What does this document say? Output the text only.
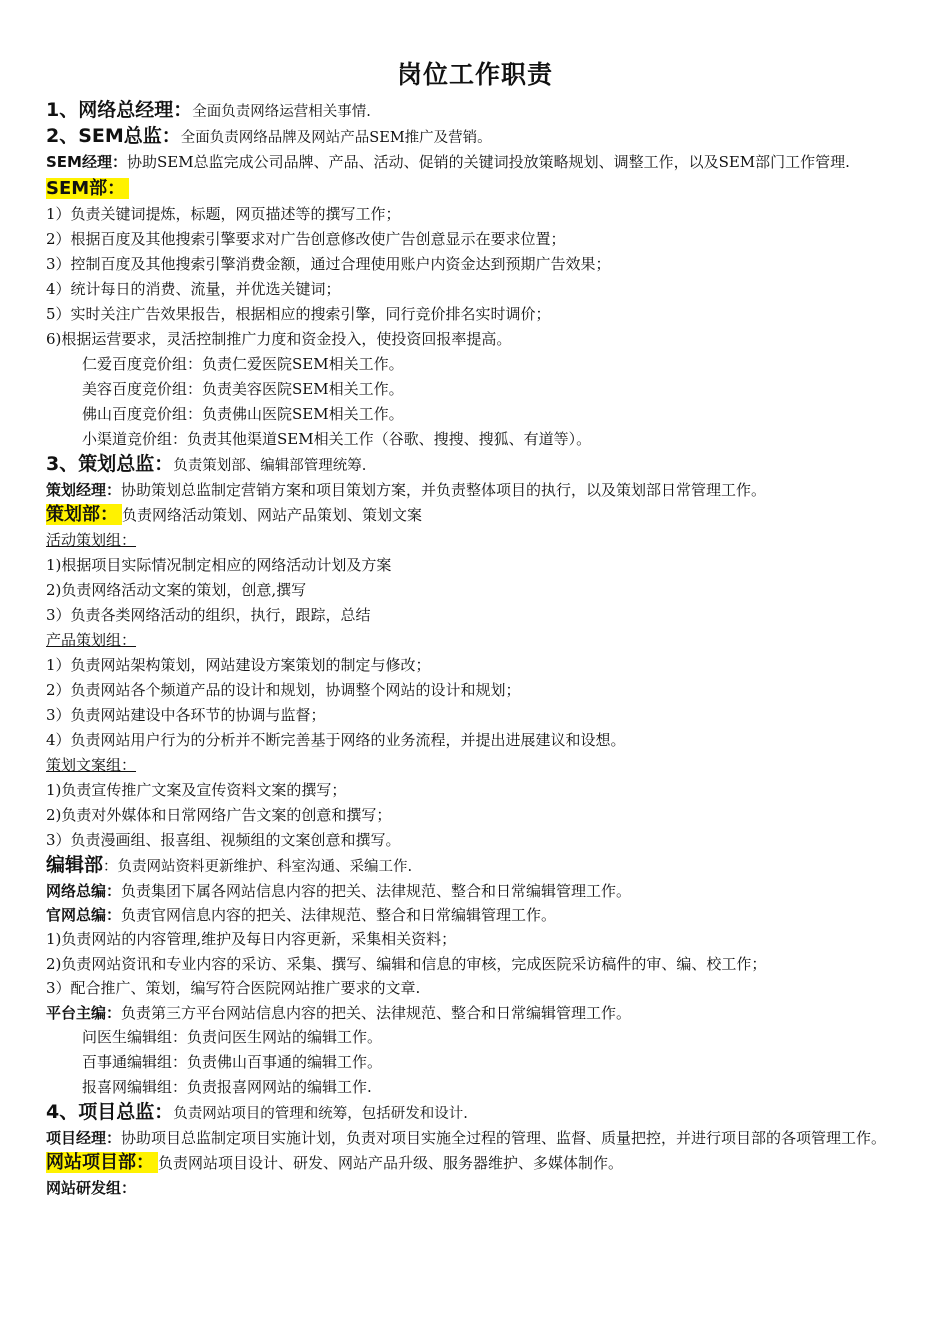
岗位工作职责
1、网络总经理：全面负责网络运营相关事情.
2、SEM总监：全面负责网络品牌及网站产品SEM推广及营销。
SEM经理：协助SEM总监完成公司品牌、产品、活动、促销的关键词投放策略规划、调整工作，以及SEM部门工作管理.
SEM部：
1）负责关键词提炼，标题，网页描述等的撰写工作；
2）根据百度及其他搜索引擎要求对广告创意修改使广告创意显示在要求位置；
3）控制百度及其他搜索引擎消费金额，通过合理使用账户内资金达到预期广告效果；
4）统计每日的消费、流量，并优选关键词；
5）实时关注广告效果报告，根据相应的搜索引擎，同行竞价排名实时调价；
6)根据运营要求，灵活控制推广力度和资金投入，使投资回报率提高。
仁爱百度竞价组：负责仁爱医院SEM相关工作。
美容百度竞价组：负责美容医院SEM相关工作。
佛山百度竞价组：负责佛山医院SEM相关工作。
小渠道竞价组：负责其他渠道SEM相关工作（谷歌、搜搜、搜狐、有道等）。
3、策划总监：负责策划部、编辑部管理统筹.
策划经理：协助策划总监制定营销方案和项目策划方案，并负责整体项目的执行，以及策划部日常管理工作。
策划部： 负责网络活动策划、网站产品策划、策划文案
活动策划组：
1)根据项目实际情况制定相应的网络活动计划及方案
2)负责网络活动文案的策划，创意,撰写
3）负责各类网络活动的组织，执行，跟踪，总结
产品策划组：
1）负责网站架构策划，网站建设方案策划的制定与修改；
2）负责网站各个频道产品的设计和规划，协调整个网站的设计和规划；
3）负责网站建设中各环节的协调与监督；
4）负责网站用户行为的分析并不断完善基于网络的业务流程，并提出进展建议和设想。
策划文案组：
1)负责宣传推广文案及宣传资料文案的撰写；
2)负责对外媒体和日常网络广告文案的创意和撰写；
3）负责漫画组、报喜组、视频组的文案创意和撰写。
编辑部：负责网站资料更新维护、科室沟通、采编工作.
网络总编：负责集团下属各网站信息内容的把关、法律规范、整合和日常编辑管理工作。
官网总编：负责官网信息内容的把关、法律规范、整合和日常编辑管理工作。
1)负责网站的内容管理,维护及每日内容更新，采集相关资料；
2)负责网站资讯和专业内容的采访、采集、撰写、编辑和信息的审核，完成医院采访稿件的审、编、校工作；
3）配合推广、策划，编写符合医院网站推广要求的文章.
平台主编：负责第三方平台网站信息内容的把关、法律规范、整合和日常编辑管理工作。
问医生编辑组：负责问医生网站的编辑工作。
百事通编辑组：负责佛山百事通的编辑工作。
报喜网编辑组：负责报喜网网站的编辑工作.
4、项目总监：负责网站项目的管理和统筹，包括研发和设计.
项目经理：协助项目总监制定项目实施计划，负责对项目实施全过程的管理、监督、质量把控，并进行项目部的各项管理工作。
网站项目部： 负责网站项目设计、研发、网站产品升级、服务器维护、多媒体制作。
网站研发组：
